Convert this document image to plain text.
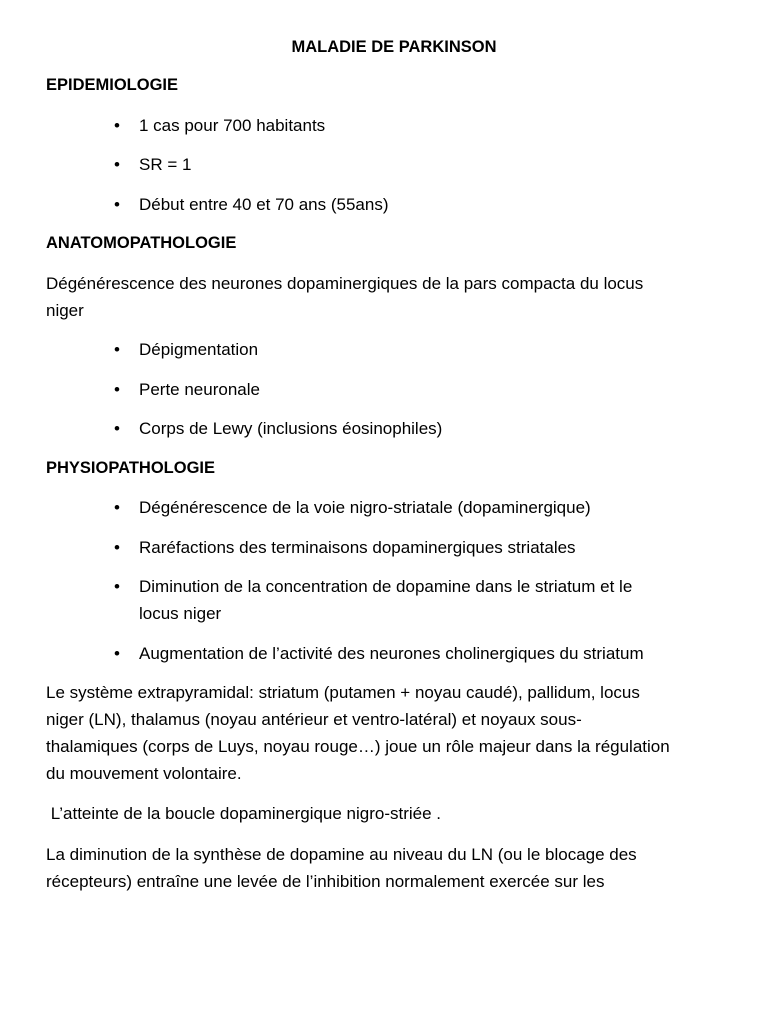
MALADIE DE PARKINSON
EPIDEMIOLOGIE
• 1 cas pour 700 habitants
• SR = 1
• Début entre 40 et 70 ans (55ans)
ANATOMOPATHOLOGIE
Dégénérescence des neurones dopaminergiques de la pars compacta du locus
niger
• Dépigmentation
• Perte neuronale
• Corps de Lewy (inclusions éosinophiles)
PHYSIOPATHOLOGIE
• Dégénérescence de la voie nigro-striatale (dopaminergique)
• Raréfactions des terminaisons dopaminergiques striatales
• Diminution de la concentration de dopamine dans le striatum et le
locus niger
• Augmentation de l’activité des neurones cholinergiques du striatum
Le système extrapyramidal: striatum (putamen + noyau caudé), pallidum, locus
niger (LN), thalamus (noyau antérieur et ventro-latéral) et noyaux sous-
thalamiques (corps de Luys, noyau rouge…) joue un rôle majeur dans la régulation
du mouvement volontaire.
L’atteinte de la boucle dopaminergique nigro-striée .
La diminution de la synthèse de dopamine au niveau du LN (ou le blocage des
récepteurs) entraîne une levée de l’inhibition normalement exercée sur les
